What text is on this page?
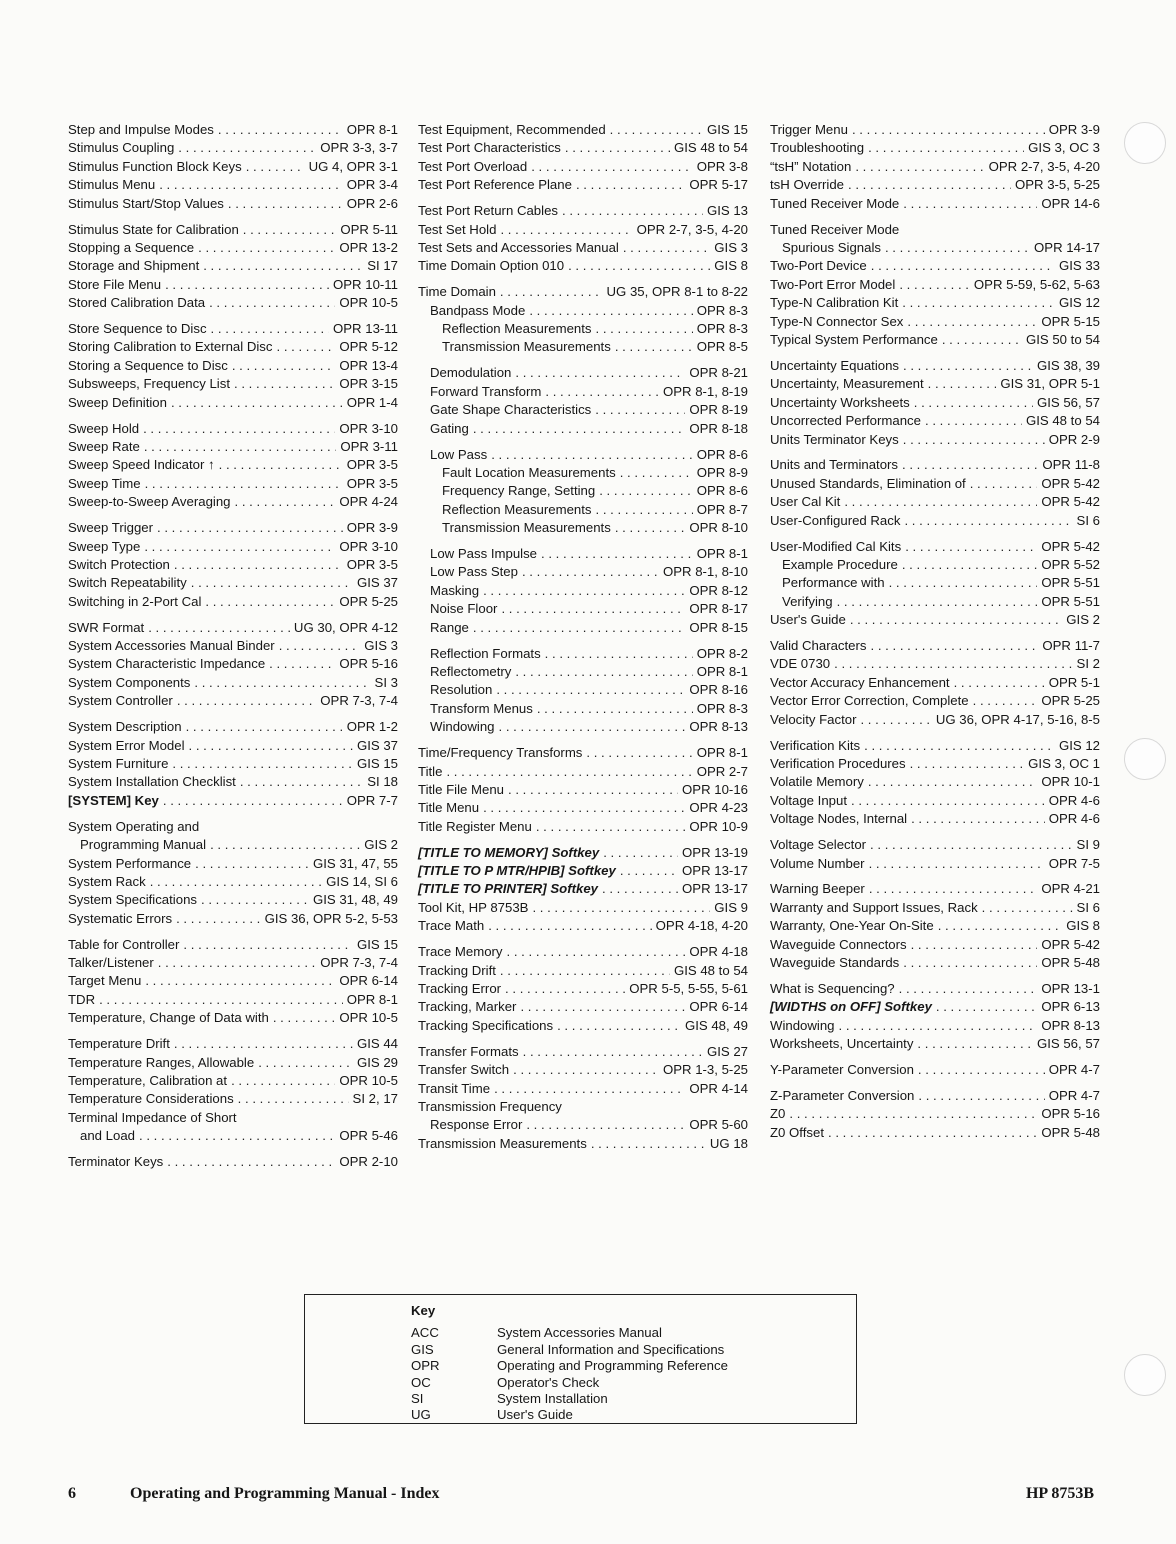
Step and Impulse Modes . . .	OPR 8-1
Stimulus Coupling . . .	OPR 3-3, 3-7
Stimulus Function Block Keys . . .	UG 4, OPR 3-1
Stimulus Menu . . .	OPR 3-4
Stimulus Start/Stop Values . . .	OPR 2-6
Stimulus State for Calibration . . .	OPR 5-11
Stopping a Sequence . . .	OPR 13-2
Storage and Shipment . . .	SI 17
Store File Menu . . .	OPR 10-11
Stored Calibration Data . . .	OPR 10-5
Store Sequence to Disc . . .	OPR 13-11
Storing Calibration to External Disc . . .	OPR 5-12
Storing a Sequence to Disc . . .	OPR 13-4
Subsweeps, Frequency List . . .	OPR 3-15
Sweep Definition . . .	OPR 1-4
Sweep Hold . . .	OPR 3-10
Sweep Rate . . .	OPR 3-11
Sweep Speed Indicator ↑ . . .	OPR 3-5
Sweep Time . . .	OPR 3-5
Sweep-to-Sweep Averaging . . .	OPR 4-24
Sweep Trigger . . .	OPR 3-9
Sweep Type . . .	OPR 3-10
Switch Protection . . .	OPR 3-5
Switch Repeatability . . .	GIS 37
Switching in 2-Port Cal . . .	OPR 5-25
SWR Format . . .	UG 30, OPR 4-12
System Accessories Manual Binder . . .	GIS 3
System Characteristic Impedance . . .	OPR 5-16
System Components . . .	SI 3
System Controller . . .	OPR 7-3, 7-4
System Description . . .	OPR 1-2
System Error Model . . .	GIS 37
System Furniture . . .	GIS 15
System Installation Checklist . . .	SI 18
[SYSTEM] Key . . .	OPR 7-7
System Operating and
Programming Manual . . .	GIS 2
System Performance . . .	GIS 31, 47, 55
System Rack . . .	GIS 14, SI 6
System Specifications . . .	GIS 31, 48, 49
Systematic Errors . . .	GIS 36, OPR 5-2, 5-53
Table for Controller . . .	GIS 15
Talker/Listener . . .	OPR 7-3, 7-4
Target Menu . . .	OPR 6-14
TDR . . .	OPR 8-1
Temperature, Change of Data with . . .	OPR 10-5
Temperature Drift . . .	GIS 44
Temperature Ranges, Allowable . . .	GIS 29
Temperature, Calibration at . . .	OPR 10-5
Temperature Considerations . . .	SI 2, 17
Terminal Impedance of Short
and Load . . .	OPR 5-46
Terminator Keys . . .	OPR 2-10
Test Equipment, Recommended . . .	GIS 15
Test Port Characteristics . . .	GIS 48 to 54
Test Port Overload . . .	OPR 3-8
Test Port Reference Plane . . .	OPR 5-17
Test Port Return Cables . . .	GIS 13
Test Set Hold . . .	OPR 2-7, 3-5, 4-20
Test Sets and Accessories Manual . . .	GIS 3
Time Domain Option 010 . . .	GIS 8
Time Domain . . .	UG 35, OPR 8-1 to 8-22
Bandpass Mode . . .	OPR 8-3
Reflection Measurements . . .	OPR 8-3
Transmission Measurements . . .	OPR 8-5
Demodulation . . .	OPR 8-21
Forward Transform . . .	OPR 8-1, 8-19
Gate Shape Characteristics . . .	OPR 8-19
Gating . . .	OPR 8-18
Low Pass . . .	OPR 8-6
Fault Location Measurements . . .	OPR 8-9
Frequency Range, Setting . . .	OPR 8-6
Reflection Measurements . . .	OPR 8-7
Transmission Measurements . . .	OPR 8-10
Low Pass Impulse . . .	OPR 8-1
Low Pass Step . . .	OPR 8-1, 8-10
Masking . . .	OPR 8-12
Noise Floor . . .	OPR 8-17
Range . . .	OPR 8-15
Reflection Formats . . .	OPR 8-2
Reflectometry . . .	OPR 8-1
Resolution . . .	OPR 8-16
Transform Menus . . .	OPR 8-3
Windowing . . .	OPR 8-13
Time/Frequency Transforms . . .	OPR 8-1
Title . . .	OPR 2-7
Title File Menu . . .	OPR 10-16
Title Menu . . .	OPR 4-23
Title Register Menu . . .	OPR 10-9
[TITLE TO MEMORY] Softkey . . .	OPR 13-19
[TITLE TO P MTR/HPIB] Softkey . . .	OPR 13-17
[TITLE TO PRINTER] Softkey . . .	OPR 13-17
Tool Kit, HP 8753B . . .	GIS 9
Trace Math . . .	OPR 4-18, 4-20
Trace Memory . . .	OPR 4-18
Tracking Drift . . .	GIS 48 to 54
Tracking Error . . .	OPR 5-5, 5-55, 5-61
Tracking, Marker . . .	OPR 6-14
Tracking Specifications . . .	GIS 48, 49
Transfer Formats . . .	GIS 27
Transfer Switch . . .	OPR 1-3, 5-25
Transit Time . . .	OPR 4-14
Transmission Frequency
Response Error . . .	OPR 5-60
Transmission Measurements . . .	UG 18
Trigger Menu . . .	OPR 3-9
Troubleshooting . . .	GIS 3, OC 3
“tsH” Notation . . .	OPR 2-7, 3-5, 4-20
tsH Override . . .	OPR 3-5, 5-25
Tuned Receiver Mode . . .	OPR 14-6
Tuned Receiver Mode
Spurious Signals . . .	OPR 14-17
Two-Port Device . . .	GIS 33
Two-Port Error Model . . .	OPR 5-59, 5-62, 5-63
Type-N Calibration Kit . . .	GIS 12
Type-N Connector Sex . . .	OPR 5-15
Typical System Performance . . .	GIS 50 to 54
Uncertainty Equations . . .	GIS 38, 39
Uncertainty, Measurement . . .	GIS 31, OPR 5-1
Uncertainty Worksheets . . .	GIS 56, 57
Uncorrected Performance . . .	GIS 48 to 54
Units Terminator Keys . . .	OPR 2-9
Units and Terminators . . .	OPR 11-8
Unused Standards, Elimination of . . .	OPR 5-42
User Cal Kit . . .	OPR 5-42
User-Configured Rack . . .	SI 6
User-Modified Cal Kits . . .	OPR 5-42
Example Procedure . . .	OPR 5-52
Performance with . . .	OPR 5-51
Verifying . . .	OPR 5-51
User's Guide . . .	GIS 2
Valid Characters . . .	OPR 11-7
VDE 0730 . . .	SI 2
Vector Accuracy Enhancement . . .	OPR 5-1
Vector Error Correction, Complete . . .	OPR 5-25
Velocity Factor . . .	UG 36, OPR 4-17, 5-16, 8-5
Verification Kits . . .	GIS 12
Verification Procedures . . .	GIS 3, OC 1
Volatile Memory . . .	OPR 10-1
Voltage Input . . .	OPR 4-6
Voltage Nodes, Internal . . .	OPR 4-6
Voltage Selector . . .	SI 9
Volume Number . . .	OPR 7-5
Warning Beeper . . .	OPR 4-21
Warranty and Support Issues, Rack . . .	SI 6
Warranty, One-Year On-Site . . .	GIS 8
Waveguide Connectors . . .	OPR 5-42
Waveguide Standards . . .	OPR 5-48
What is Sequencing? . . .	OPR 13-1
[WIDTHS on OFF] Softkey . . .	OPR 6-13
Windowing . . .	OPR 8-13
Worksheets, Uncertainty . . .	GIS 56, 57
Y-Parameter Conversion . . .	OPR 4-7
Z-Parameter Conversion . . .	OPR 4-7
Z0 . . .	OPR 5-16
Z0 Offset . . .	OPR 5-48
Key
ACC	System Accessories Manual
GIS	General Information and Specifications
OPR	Operating and Programming Reference
OC	Operator's Check
SI	System Installation
UG	User's Guide
6	Operating and Programming Manual - Index	HP 8753B
